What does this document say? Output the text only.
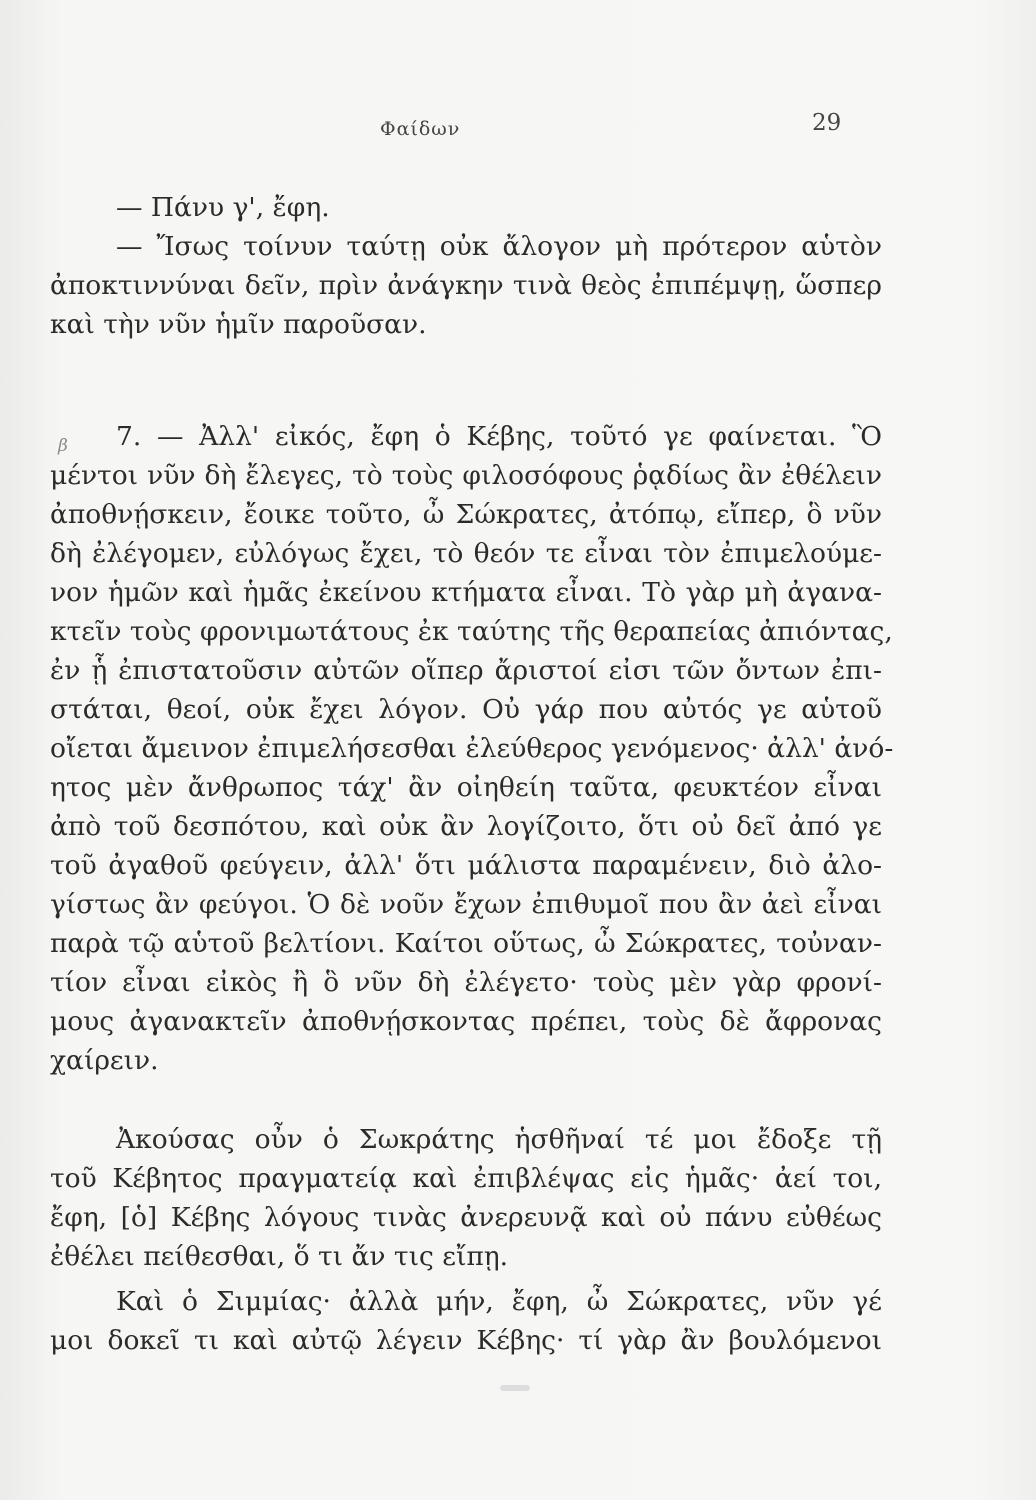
Φαίδων	29
β
— Πάνυ γ', ἔφη.
— Ἴσως τοίνυν ταύτῃ οὐκ ἄλογον μὴ πρότερον αὑτὸν
ἀποκτιννύναι δεῖν, πρὶν ἀνάγκην τινὰ θεὸς ἐπιπέμψῃ, ὥσπερ
καὶ τὴν νῦν ἡμῖν παροῦσαν.
7. — Ἀλλ' εἰκός, ἔφη ὁ Κέβης, τοῦτό γε φαίνεται. Ὃ
μέντοι νῦν δὴ ἔλεγες, τὸ τοὺς φιλοσόφους ῥᾳδίως ἂν ἐθέλειν
ἀποθνῄσκειν, ἔοικε τοῦτο, ὦ Σώκρατες, ἀτόπῳ, εἴπερ, ὃ νῦν
δὴ ἐλέγομεν, εὐλόγως ἔχει, τὸ θεόν τε εἶναι τὸν ἐπιμελούμε-
νον ἡμῶν καὶ ἡμᾶς ἐκείνου κτήματα εἶναι. Τὸ γὰρ μὴ ἀγανα-
κτεῖν τοὺς φρονιμωτάτους ἐκ ταύτης τῆς θεραπείας ἀπιόντας,
ἐν ᾗ ἐπιστατοῦσιν αὐτῶν οἵπερ ἄριστοί εἰσι τῶν ὄντων ἐπι-
στάται, θεοί, οὐκ ἔχει λόγον. Οὐ γάρ που αὐτός γε αὑτοῦ
οἴεται ἄμεινον ἐπιμελήσεσθαι ἐλεύθερος γενόμενος· ἀλλ' ἀνό-
ητος μὲν ἄνθρωπος τάχ' ἂν οἰηθείη ταῦτα, φευκτέον εἶναι
ἀπὸ τοῦ δεσπότου, καὶ οὐκ ἂν λογίζοιτο, ὅτι οὐ δεῖ ἀπό γε
τοῦ ἀγαθοῦ φεύγειν, ἀλλ' ὅτι μάλιστα παραμένειν, διὸ ἀλο-
γίστως ἂν φεύγοι. Ὁ δὲ νοῦν ἔχων ἐπιθυμοῖ που ἂν ἀεὶ εἶναι
παρὰ τῷ αὑτοῦ βελτίονι. Καίτοι οὕτως, ὦ Σώκρατες, τοὐναν-
τίον εἶναι εἰκὸς ἢ ὃ νῦν δὴ ἐλέγετο· τοὺς μὲν γὰρ φρονί-
μους ἀγανακτεῖν ἀποθνῄσκοντας πρέπει, τοὺς δὲ ἄφρονας
χαίρειν.
Ἀκούσας οὖν ὁ Σωκράτης ἡσθῆναί τέ μοι ἔδοξε τῇ
τοῦ Κέβητος πραγματείᾳ καὶ ἐπιβλέψας εἰς ἡμᾶς· ἀεί τοι,
ἔφη, [ὁ] Κέβης λόγους τινὰς ἀνερευνᾷ καὶ οὐ πάνυ εὐθέως
ἐθέλει πείθεσθαι, ὅ τι ἄν τις εἴπῃ.
Καὶ ὁ Σιμμίας· ἀλλὰ μήν, ἔφη, ὦ Σώκρατες, νῦν γέ
μοι δοκεῖ τι καὶ αὐτῷ λέγειν Κέβης· τί γὰρ ἂν βουλόμενοι
